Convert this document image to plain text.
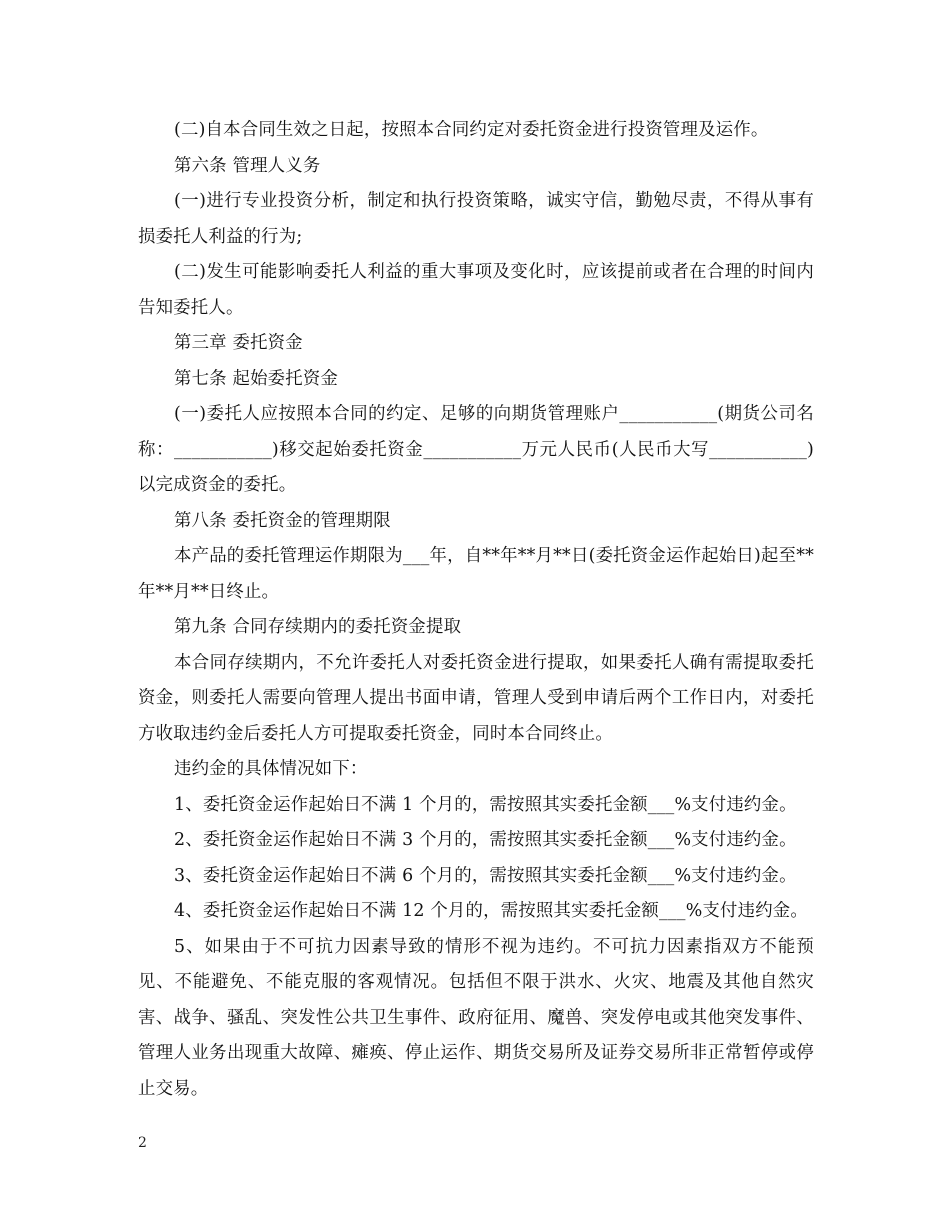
(二)自本合同生效之日起，按照本合同约定对委托资金进行投资管理及运作。

第六条 管理人义务

(一)进行专业投资分析，制定和执行投资策略，诚实守信，勤勉尽责，不得从事有损委托人利益的行为;

(二)发生可能影响委托人利益的重大事项及变化时，应该提前或者在合理的时间内告知委托人。

第三章 委托资金

第七条 起始委托资金

(一)委托人应按照本合同的约定、足够的向期货管理账户___________(期货公司名称：___________)移交起始委托资金___________万元人民币(人民币大写___________)以完成资金的委托。

第八条 委托资金的管理期限

本产品的委托管理运作期限为___年，自**年**月**日(委托资金运作起始日)起至**年**月**日终止。

第九条 合同存续期内的委托资金提取

本合同存续期内，不允许委托人对委托资金进行提取，如果委托人确有需提取委托资金，则委托人需要向管理人提出书面申请，管理人受到申请后两个工作日内，对委托方收取违约金后委托人方可提取委托资金，同时本合同终止。

违约金的具体情况如下：

1、委托资金运作起始日不满 1 个月的，需按照其实委托金额___%支付违约金。

2、委托资金运作起始日不满 3 个月的，需按照其实委托金额___%支付违约金。

3、委托资金运作起始日不满 6 个月的，需按照其实委托金额___%支付违约金。

4、委托资金运作起始日不满 12 个月的，需按照其实委托金额___%支付违约金。

5、如果由于不可抗力因素导致的情形不视为违约。不可抗力因素指双方不能预见、不能避免、不能克服的客观情况。包括但不限于洪水、火灾、地震及其他自然灾害、战争、骚乱、突发性公共卫生事件、政府征用、魔兽、突发停电或其他突发事件、管理人业务出现重大故障、瘫痪、停止运作、期货交易所及证券交易所非正常暂停或停止交易。

2
